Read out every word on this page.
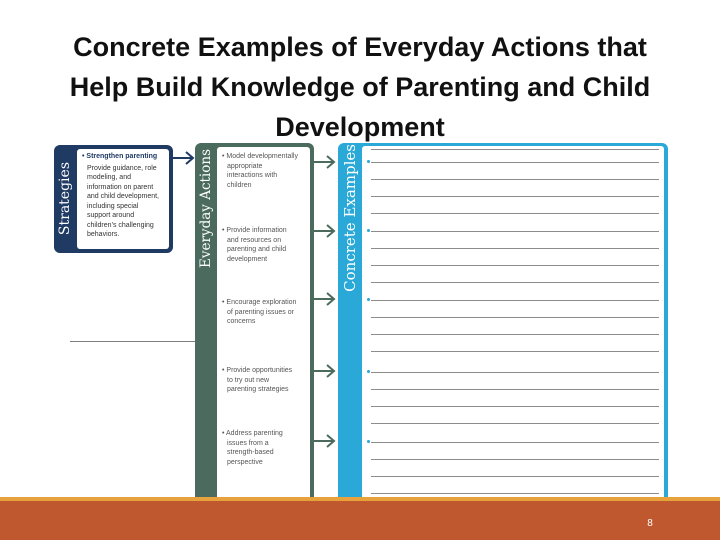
Concrete Examples of Everyday Actions that
Help Build Knowledge of Parenting and Child
Development
Strategies
• Strengthen parenting
Provide guidance, role
modeling, and
information on parent
and child development,
including special
support around
children’s challenging
behaviors.	Everyday Actions • Model developmentally
appropriate
interactions with
children
• Provide information
and resources on
parenting and child
development
• Encourage exploration
of parenting issues or
concerns
• Provide opportunities
to try out new
parenting strategies
• Address parenting
issues from a
strength-based
perspective
Concrete Examples
8
